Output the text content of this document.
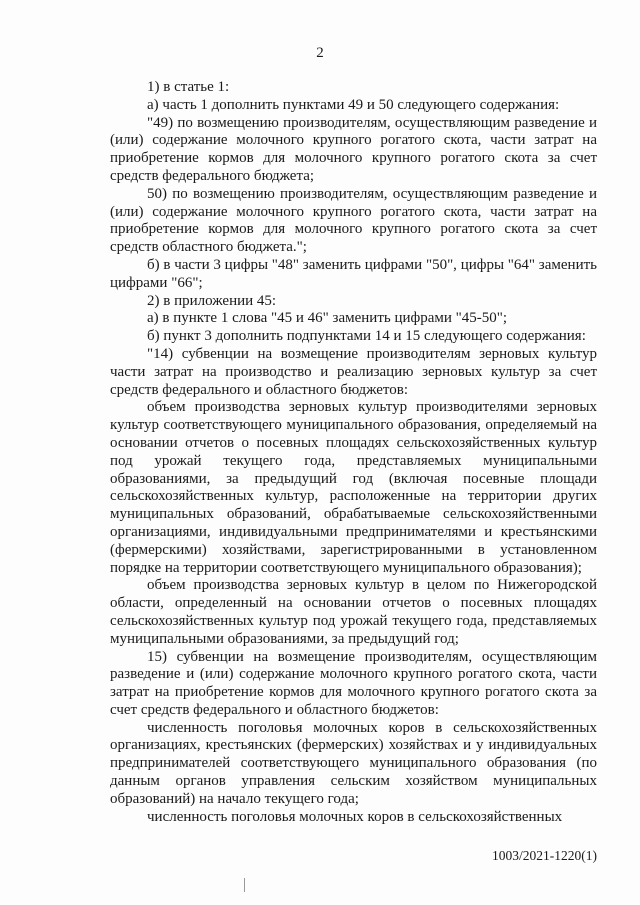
2

1) в статье 1:

а) часть 1 дополнить пунктами 49 и 50 следующего содержания:

"49) по возмещению производителям, осуществляющим разведение и (или) содержание молочного крупного рогатого скота, части затрат на приобретение кормов для молочного крупного рогатого скота за счет средств федерального бюджета;

50) по возмещению производителям, осуществляющим разведение и (или) содержание молочного крупного рогатого скота, части затрат на приобретение кормов для молочного крупного рогатого скота за счет средств областного бюджета.";

б) в части 3 цифры "48" заменить цифрами "50", цифры "64" заменить цифрами "66";

2) в приложении 45:

а) в пункте 1 слова "45 и 46" заменить цифрами "45-50";

б) пункт 3 дополнить подпунктами 14 и 15 следующего содержания:

"14) субвенции на возмещение производителям зерновых культур части затрат на производство и реализацию зерновых культур за счет средств федерального и областного бюджетов:

объем производства зерновых культур производителями зерновых культур соответствующего муниципального образования, определяемый на основании отчетов о посевных площадях сельскохозяйственных культур под урожай текущего года, представляемых муниципальными образованиями, за предыдущий год (включая посевные площади сельскохозяйственных культур, расположенные на территории других муниципальных образований, обрабатываемые сельскохозяйственными организациями, индивидуальными предпринимателями и крестьянскими (фермерскими) хозяйствами, зарегистрированными в установленном порядке на территории соответствующего муниципального образования);

объем производства зерновых культур в целом по Нижегородской области, определенный на основании отчетов о посевных площадях сельскохозяйственных культур под урожай текущего года, представляемых муниципальными образованиями, за предыдущий год;

15) субвенции на возмещение производителям, осуществляющим разведение и (или) содержание молочного крупного рогатого скота, части затрат на приобретение кормов для молочного крупного рогатого скота за счет средств федерального и областного бюджетов:

численность поголовья молочных коров в сельскохозяйственных организациях, крестьянских (фермерских) хозяйствах и у индивидуальных предпринимателей соответствующего муниципального образования (по данным органов управления сельским хозяйством муниципальных образований) на начало текущего года;

численность поголовья молочных коров в сельскохозяйственных

1003/2021-1220(1)
